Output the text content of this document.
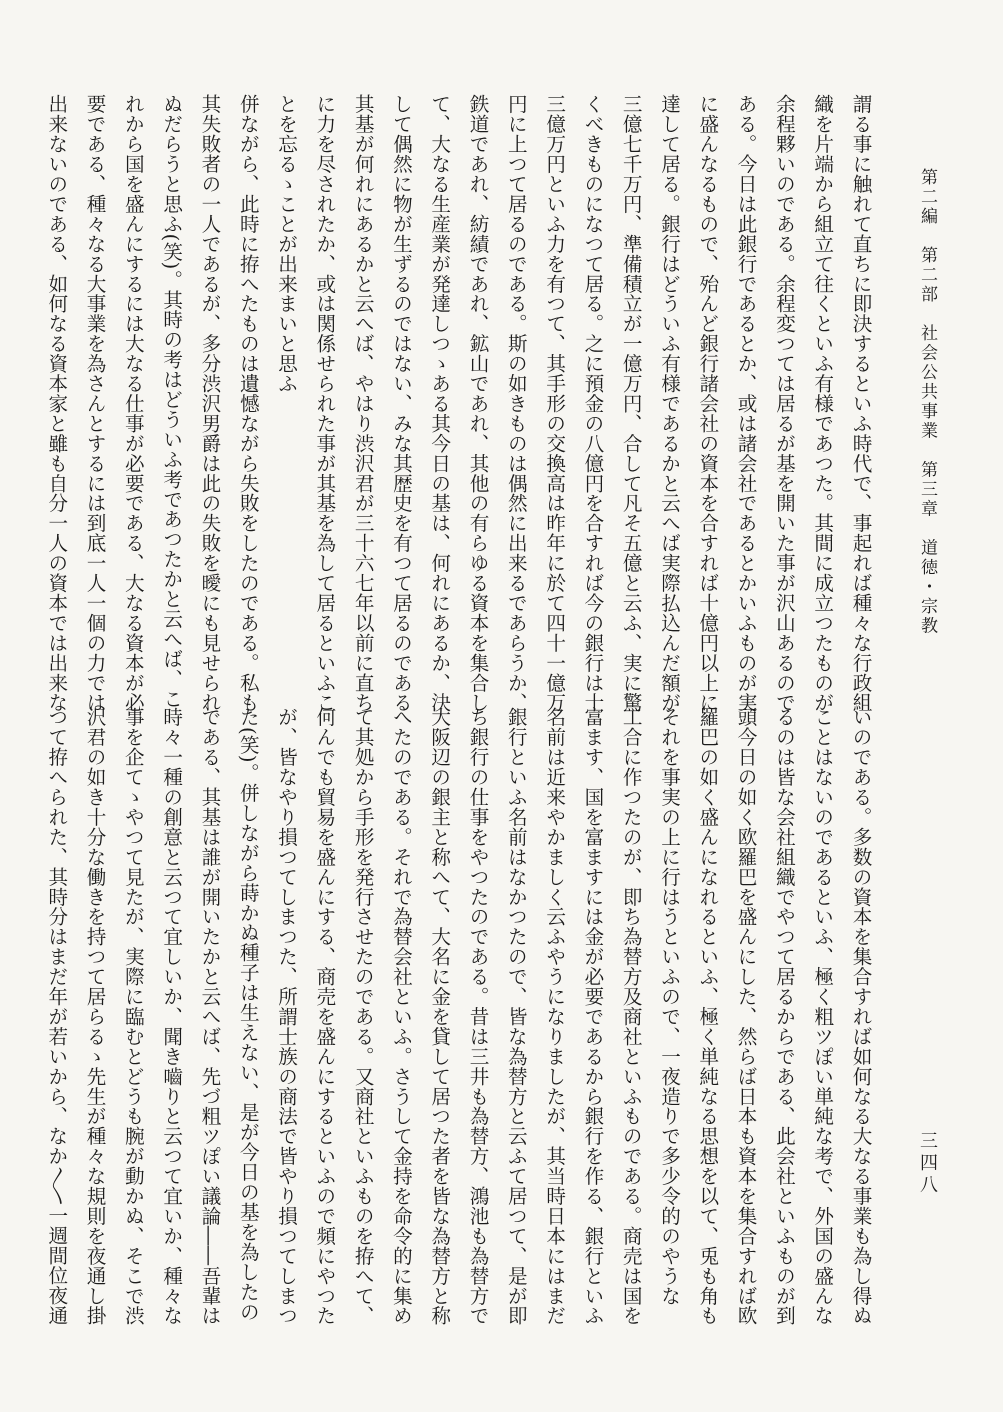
第二編　第二部　社会公共事業　第三章　道徳・宗教
三四八
謂る事に触れて直ちに即決するといふ時代で、事起れば種々な行政組
織を片端から組立て往くといふ有様であつた。其間に成立つたものが
余程夥いのである。余程変つては居るが基を開いた事が沢山あるので
ある。今日は此銀行であるとか、或は諸会社であるとかいふものが実
に盛んなるもので、殆んど銀行諸会社の資本を合すれば十億円以上に
達して居る。銀行はどういふ有様であるかと云へば実際払込んだ額が
三億七千万円、準備積立が一億万円、合して凡そ五億と云ふ、実に驚
くべきものになつて居る。之に預金の八億円を合すれば今の銀行は十
三億万円といふ力を有つて、其手形の交換高は昨年に於て四十一億万
円に上つて居るのである。斯の如きものは偶然に出来るであらうか、
鉄道であれ、紡績であれ、鉱山であれ、其他の有らゆる資本を集合し
て、大なる生産業が発達しつゝある其今日の基は、何れにあるか、決
して偶然に物が生ずるのではない、みな其歴史を有つて居るのである
其基が何れにあるかと云へば、やはり渋沢君が三十六七年以前に直ち
に力を尽されたか、或は関係せられた事が其基を為して居るといふこ
とを忘るゝことが出来まいと思ふ
併ながら、此時に拵へたものは遺憾ながら失敗をしたのである。私も
其失敗者の一人であるが、多分渋沢男爵は此の失敗を曖にも見せられ
ぬだらうと思ふ(笑)。其時の考はどういふ考であつたかと云へば、こ
れから国を盛んにするには大なる仕事が必要である、大なる資本が必
要である、種々なる大事業を為さんとするには到底一人一個の力では
出来ないのである、如何なる資本家と雖も自分一人の資本では出来な
いのである。多数の資本を集合すれば如何なる大なる事業も為し得ぬ
ことはないのであるといふ、極く粗ツぽい単純な考で、外国の盛んな
るのは皆な会社組織でやつて居るからである、此会社といふものが到
頭今日の如く欧羅巴を盛んにした、然らば日本も資本を集合すれば欧
羅巴の如く盛んになれるといふ、極く単純なる思想を以て、兎も角も
それを事実の上に行はうといふので、一夜造りで多少令的のやうな
工合に作つたのが、即ち為替方及商社といふものである。商売は国を
富ます、国を富ますには金が必要であるから銀行を作る、銀行といふ
名前は近来やかましく云ふやうになりましたが、其当時日本にはまだ
銀行といふ名前はなかつたので、皆な為替方と云ふて居つて、是が即
ち銀行の仕事をやつたのである。昔は三井も為替方、鴻池も為替方で
大阪辺の銀主と称へて、大名に金を貸して居つた者を皆な為替方と称
へたのである。それで為替会社といふ。さうして金持を命令的に集め
て其処から手形を発行させたのである。又商社といふものを拵へて、
何んでも貿易を盛んにする、商売を盛んにするといふので頻にやつた
が、皆なやり損つてしまつた、所謂士族の商法で皆やり損つてしまつ
た(笑)。併しながら蒔かぬ種子は生えない、是が今日の基を為したの
である、其基は誰が開いたかと云へば、先づ粗ツぽい議論――吾輩は
時々一種の創意と云つて宜しいか、聞き嚙りと云つて宜いか、種々な
事を企てゝやつて見たが、実際に臨むとどうも腕が動かぬ、そこで渋
沢君の如き十分な働きを持つて居らるゝ先生が種々な規則を夜通し掛
つて拵へられた、其時分はまだ年が若いから、なか〳〵一週間位夜通
